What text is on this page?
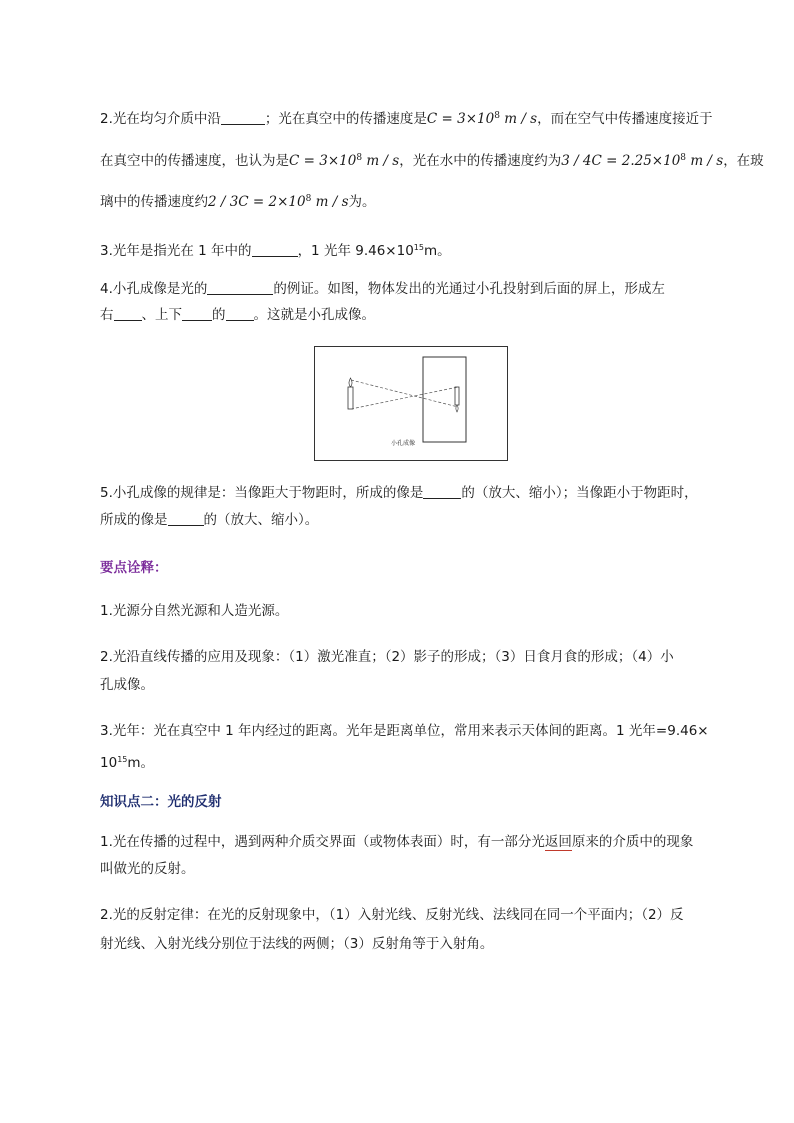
2.光在均匀介质中沿	；光在真空中的传播速度是$C = 3\times 10^8$ m / s，而在空气中传播速度接近于
在真空中的传播速度，也认为是$C = 3\times 10^8$ m / s，光在水中的传播速度约为$3 / 4C = 2.25\times 10^8$ m / s，在玻
璃中的传播速度约$2 / 3C = 2\times 10^8$ m / s为。
3.光年是指光在 1 年中的	，1 光年 $9.46\times 10^{15}m$。
4.小孔成像是光的	的例证。如图，物体发出的光通过小孔投射到后面的屏上，形成左
右 、上下 的 。这就是小孔成像。
小孔成像
5.小孔成像的规律是：当像距大于物距时，所成的像是	的（放大、缩小）；当像距小于物距时，
所成的像是	的（放大、缩小）。
要点诠释：
1.光源分自然光源和人造光源。
2.光沿直线传播的应用及现象：（1）激光准直；（2）影子的形成；（3）日食月食的形成；（4）小
孔成像。
3.光年：光在真空中 1 年内经过的距离。光年是距离单位，常用来表示天体间的距离。1 光年=9.46×
$10^{15}m$。
知识点二：光的反射
1.光在传播的过程中，遇到两种介质交界面（或物体表面）时，有一部分光返回原来的介质中的现象
叫做光的反射。
2.光的反射定律：在光的反射现象中，（1）入射光线、反射光线、法线同在同一个平面内；（2）反
射光线、入射光线分别位于法线的两侧；（3）反射角等于入射角。
